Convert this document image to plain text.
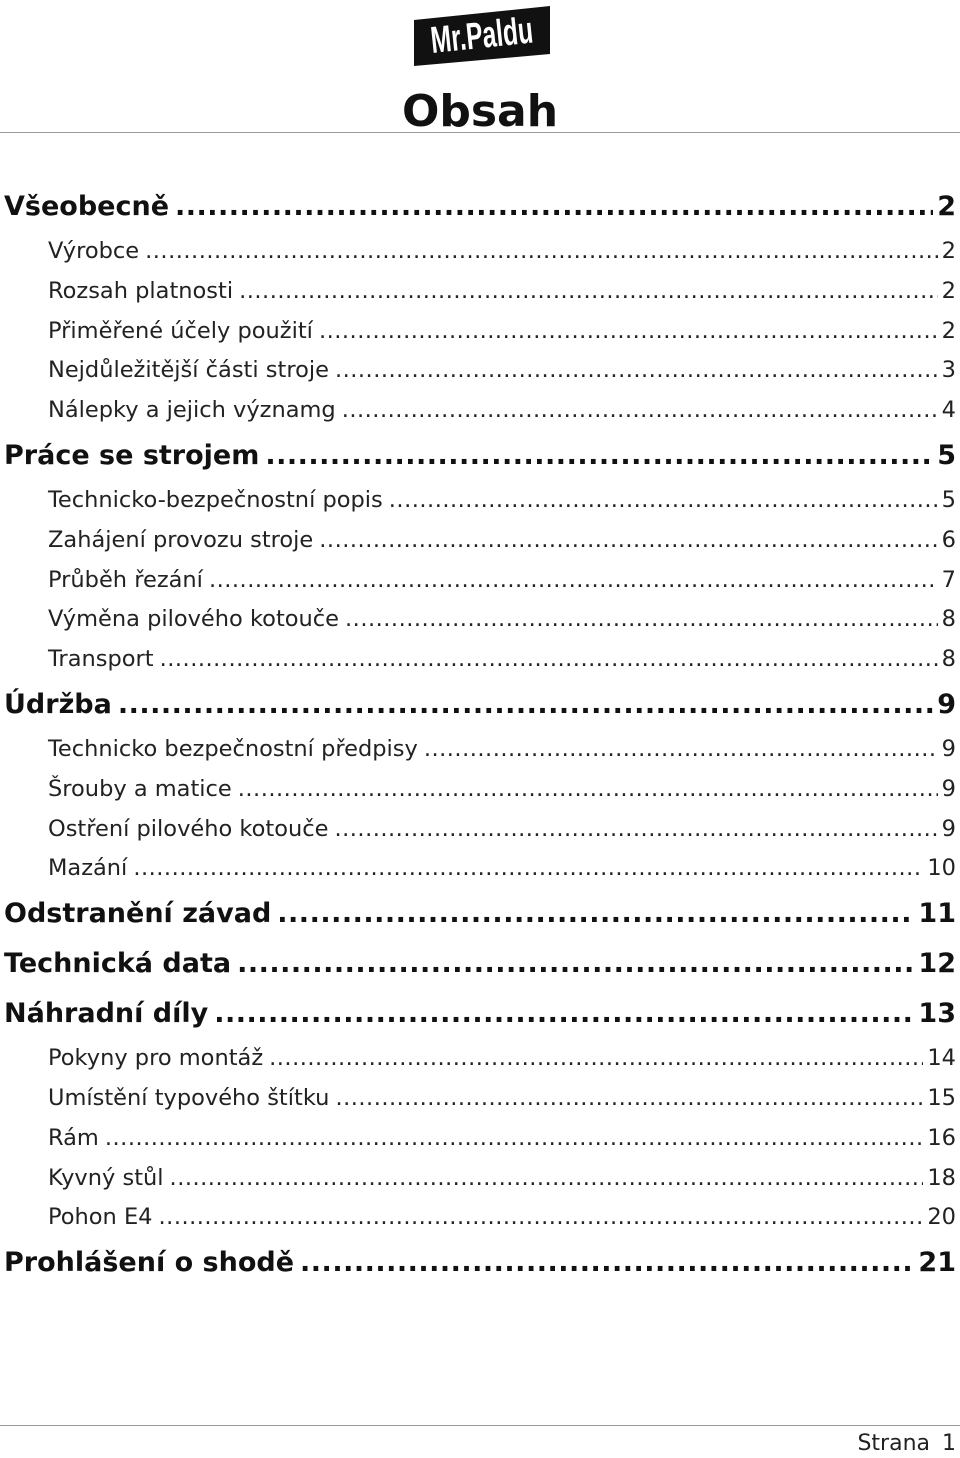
Mr.Paldu
Obsah
Všeobecně .....	2
Výrobce .....	2
Rozsah platnosti .....	2
Přiměřené účely použití .....	2
Nejdůležitější části stroje .....	3
Nálepky a jejich významg .....	4
Práce se strojem .....	5
Technicko-bezpečnostní popis .....	5
Zahájení provozu stroje .....	6
Průběh řezání .....	7
Výměna pilového kotouče .....	8
Transport .....	8
Údržba .....	9
Technicko bezpečnostní předpisy .....	9
Šrouby a matice .....	9
Ostření pilového kotouče .....	9
Mazání .....	10
Odstranění závad .....	11
Technická data .....	12
Náhradní díly .....	13
Pokyny pro montáž .....	14
Umístění typového štítku .....	15
Rám .....	16
Kyvný stůl .....	18
Pohon E4 .....	20
Prohlášení o shodě .....	21
Strana 1
